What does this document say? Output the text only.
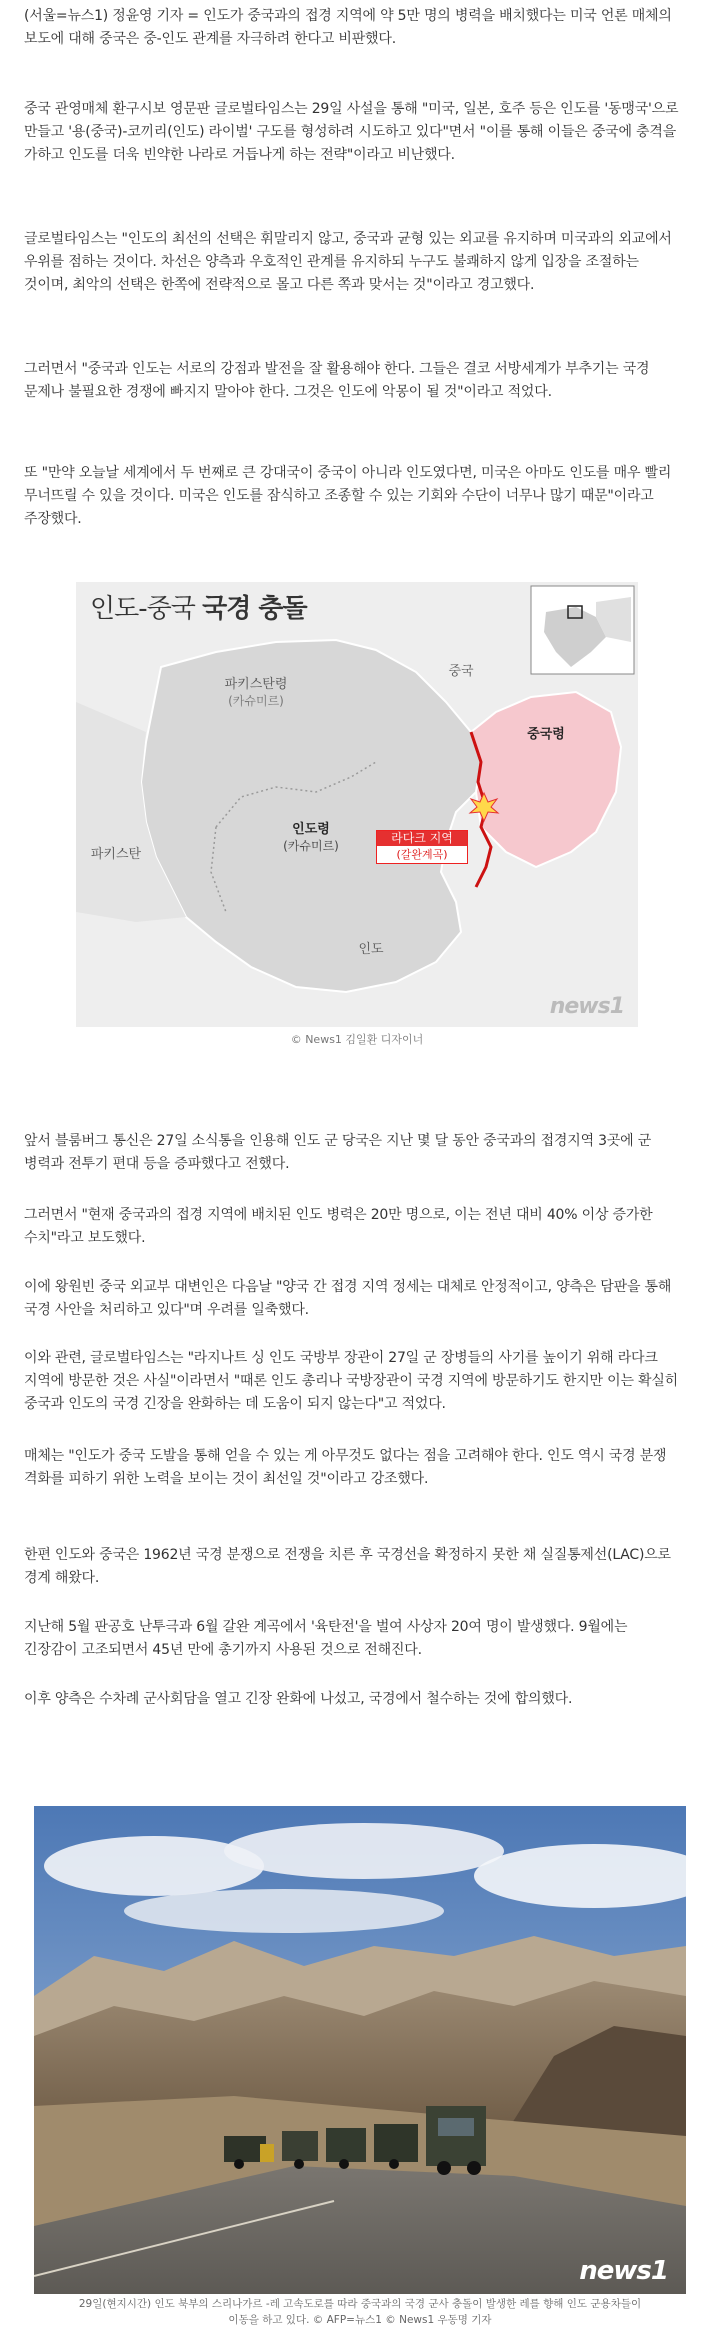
(서울=뉴스1) 정윤영 기자 = 인도가 중국과의 접경 지역에 약 5만 명의 병력을 배치했다는 미국 언론 매체의 보도에 대해 중국은 중-인도 관계를 자극하려 한다고 비판했다.

중국 관영매체 환구시보 영문판 글로벌타임스는 29일 사설을 통해 "미국, 일본, 호주 등은 인도를 '동맹국'으로 만들고 '용(중국)-코끼리(인도) 라이벌' 구도를 형성하려 시도하고 있다"면서 "이를 통해 이들은 중국에 충격을 가하고 인도를 더욱 빈약한 나라로 거듭나게 하는 전략"이라고 비난했다.

글로벌타임스는 "인도의 최선의 선택은 휘말리지 않고, 중국과 균형 있는 외교를 유지하며 미국과의 외교에서 우위를 점하는 것이다. 차선은 양측과 우호적인 관계를 유지하되 누구도 불쾌하지 않게 입장을 조절하는 것이며, 최악의 선택은 한쪽에 전략적으로 몰고 다른 쪽과 맞서는 것"이라고 경고했다.

그러면서 "중국과 인도는 서로의 강점과 발전을 잘 활용해야 한다. 그들은 결코 서방세계가 부추기는 국경 문제나 불필요한 경쟁에 빠지지 말아야 한다. 그것은 인도에 악몽이 될 것"이라고 적었다.

또 "만약 오늘날 세계에서 두 번째로 큰 강대국이 중국이 아니라 인도였다면, 미국은 아마도 인도를 매우 빨리 무너뜨릴 수 있을 것이다. 미국은 인도를 잠식하고 조종할 수 있는 기회와 수단이 너무나 많기 때문"이라고 주장했다.

인도-중국 국경 충돌
중국
파키스탄령
(카슈미르)
중국령
라다크 지역
(갈완계곡)
파키스탄
인도령
(카슈미르)
인도
news1
© News1 김일환 디자이너

앞서 블룸버그 통신은 27일 소식통을 인용해 인도 군 당국은 지난 몇 달 동안 중국과의 접경지역 3곳에 군 병력과 전투기 편대 등을 증파했다고 전했다.

그러면서 "현재 중국과의 접경 지역에 배치된 인도 병력은 20만 명으로, 이는 전년 대비 40% 이상 증가한 수치"라고 보도했다.

이에 왕원빈 중국 외교부 대변인은 다음날 "양국 간 접경 지역 정세는 대체로 안정적이고, 양측은 담판을 통해 국경 사안을 처리하고 있다"며 우려를 일축했다.

이와 관련, 글로벌타임스는 "라지나트 싱 인도 국방부 장관이 27일 군 장병들의 사기를 높이기 위해 라다크 지역에 방문한 것은 사실"이라면서 "때론 인도 총리나 국방장관이 국경 지역에 방문하기도 한지만 이는 확실히 중국과 인도의 국경 긴장을 완화하는 데 도움이 되지 않는다"고 적었다.

매체는 "인도가 중국 도발을 통해 얻을 수 있는 게 아무것도 없다는 점을 고려해야 한다. 인도 역시 국경 분쟁 격화를 피하기 위한 노력을 보이는 것이 최선일 것"이라고 강조했다.

한편 인도와 중국은 1962년 국경 분쟁으로 전쟁을 치른 후 국경선을 확정하지 못한 채 실질통제선(LAC)으로 경계 해왔다.

지난해 5월 판공호 난투극과 6월 갈완 계곡에서 '육탄전'을 벌여 사상자 20여 명이 발생했다. 9월에는 긴장감이 고조되면서 45년 만에 총기까지 사용된 것으로 전해진다.

이후 양측은 수차례 군사회담을 열고 긴장 완화에 나섰고, 국경에서 철수하는 것에 합의했다.

news1
29일(현지시간) 인도 북부의 스리나가르 -레 고속도로를 따라 중국과의 국경 군사 충돌이 발생한 레를 향해 인도 군용차들이
이동을 하고 있다. © AFP=뉴스1 © News1 우동명 기자
